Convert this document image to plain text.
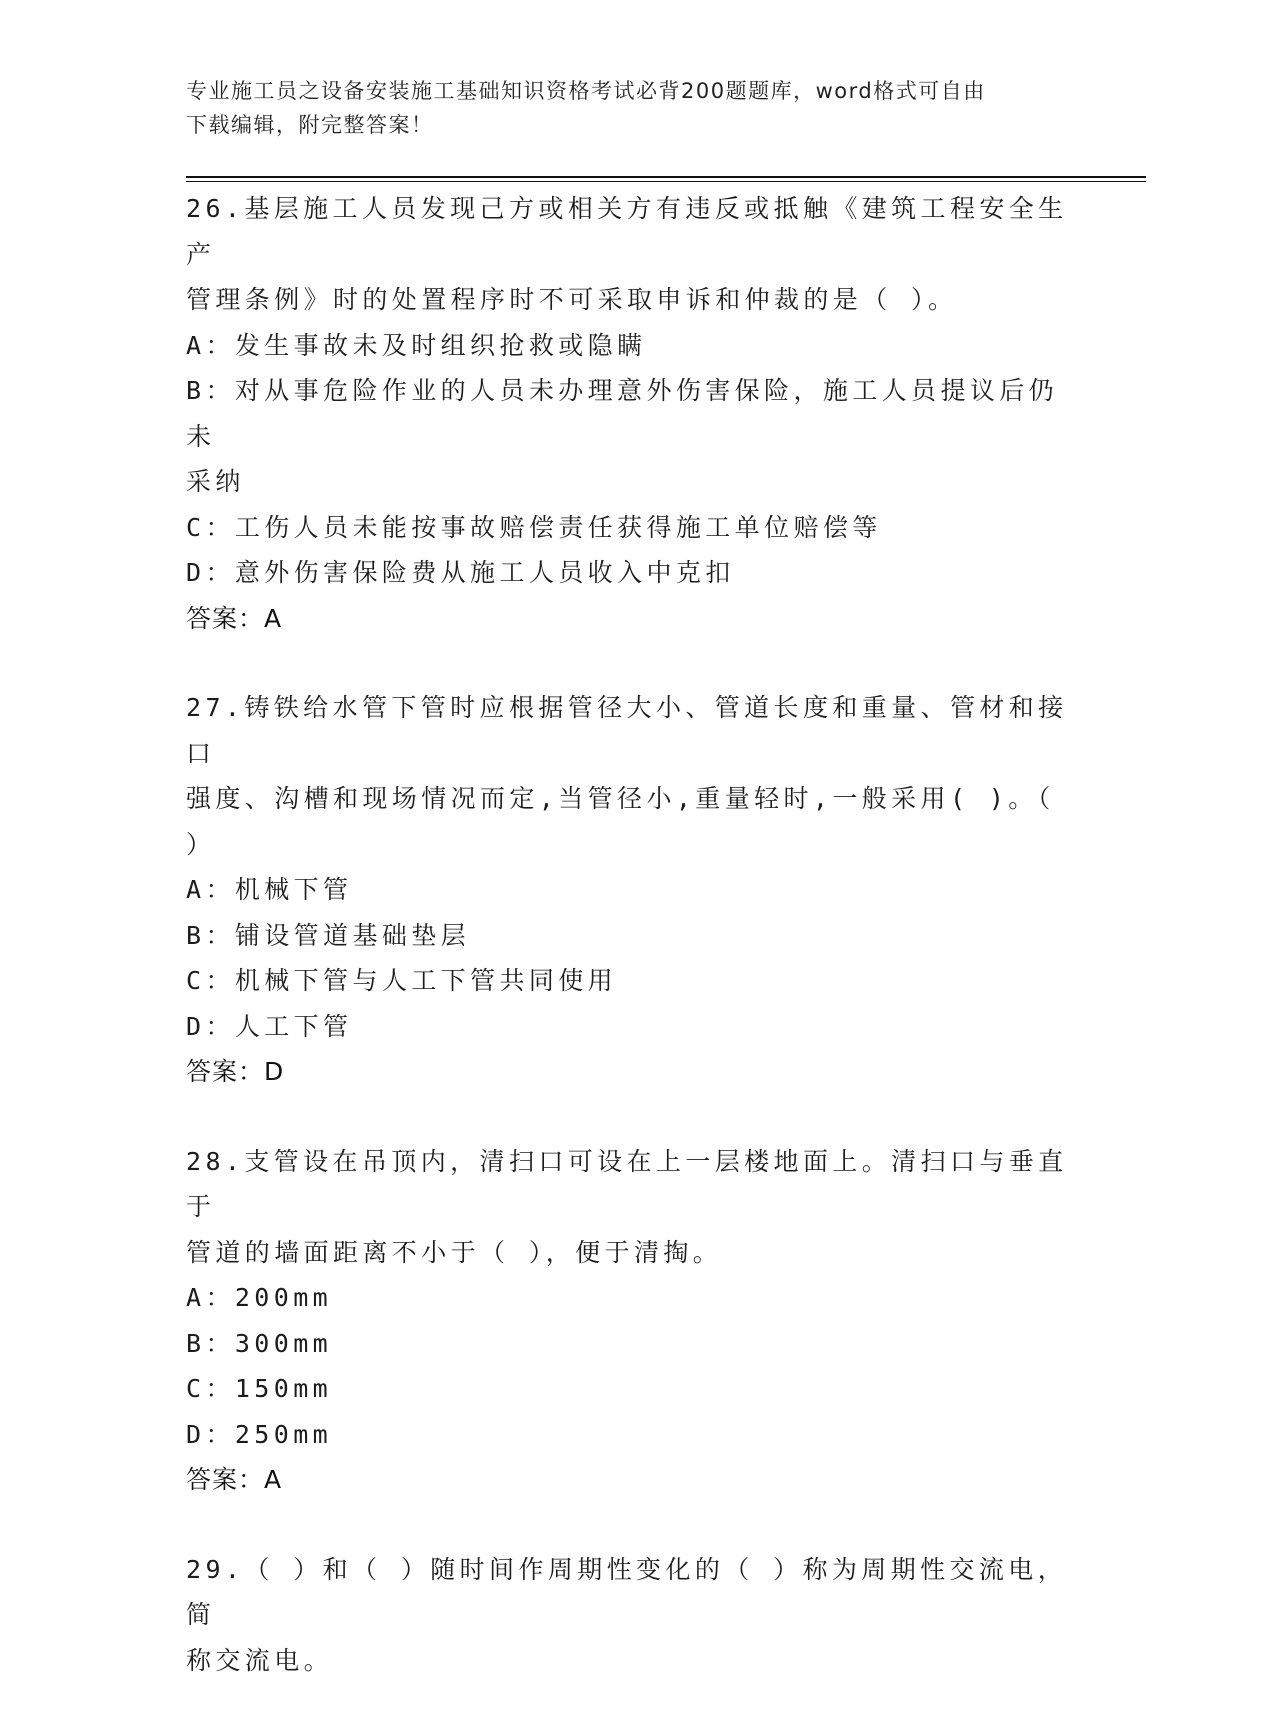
专业施工员之设备安装施工基础知识资格考试必背200题题库，word格式可自由
下载编辑，附完整答案！
26.基层施工人员发现己方或相关方有违反或抵触《建筑工程安全生产
管理条例》时的处置程序时不可采取申诉和仲裁的是（ ）。
A：发生事故未及时组织抢救或隐瞒
B：对从事危险作业的人员未办理意外伤害保险，施工人员提议后仍未
采纳
C：工伤人员未能按事故赔偿责任获得施工单位赔偿等
D：意外伤害保险费从施工人员收入中克扣
答案：A
27.铸铁给水管下管时应根据管径大小、管道长度和重量、管材和接口
强度、沟槽和现场情况而定,当管径小,重量轻时,一般采用( )。（
）
A：机械下管
B：铺设管道基础垫层
C：机械下管与人工下管共同使用
D：人工下管
答案：D
28.支管设在吊顶内，清扫口可设在上一层楼地面上。清扫口与垂直于
管道的墙面距离不小于（ ），便于清掏。
A：200mm
B：300mm
C：150mm
D：250mm
答案：A
29.（ ）和（ ）随时间作周期性变化的（ ）称为周期性交流电，简
称交流电。
